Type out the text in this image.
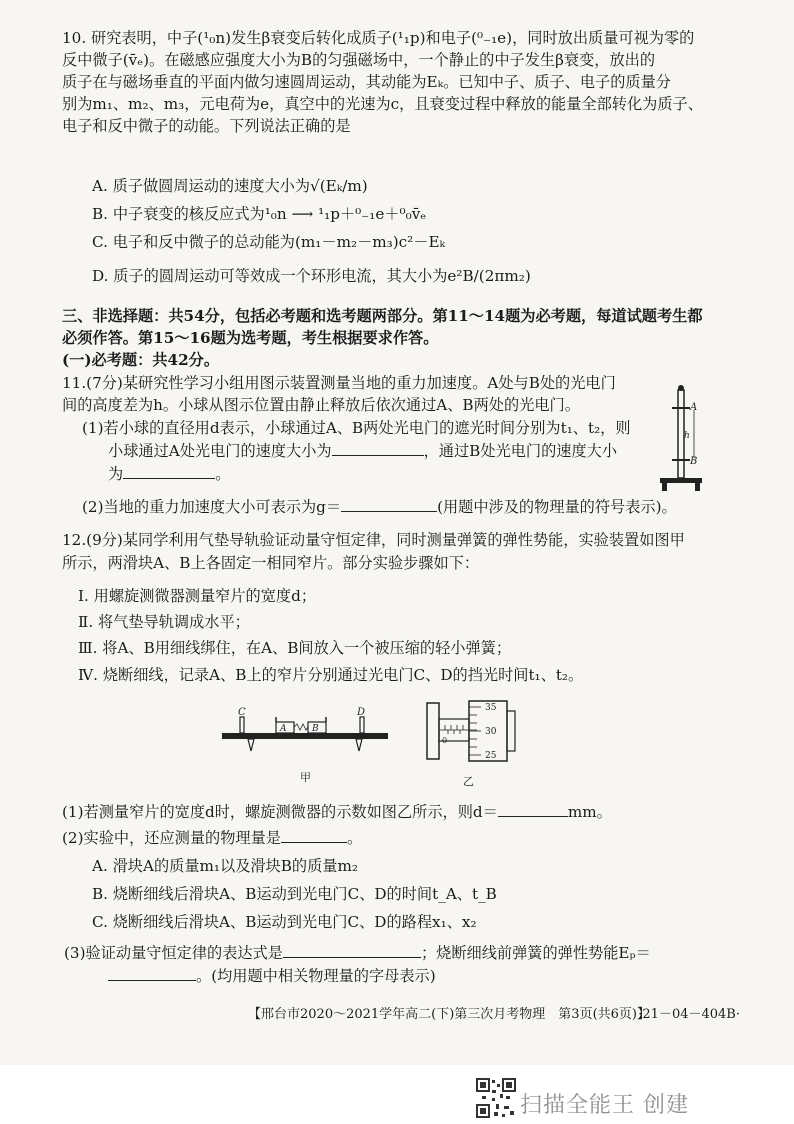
10. 研究表明，中子(¹₀n)发生β衰变后转化成质子(¹₁p)和电子(⁰₋₁e)，同时放出质量可视为零的
反中微子(v̄ₑ)。在磁感应强度大小为B的匀强磁场中，一个静止的中子发生β衰变，放出的
质子在与磁场垂直的平面内做匀速圆周运动，其动能为Eₖ。已知中子、质子、电子的质量分
别为m₁、m₂、m₃，元电荷为e，真空中的光速为c，且衰变过程中释放的能量全部转化为质子、
电子和反中微子的动能。下列说法正确的是
A. 质子做圆周运动的速度大小为√(Eₖ/m)
B. 中子衰变的核反应式为¹₀n ⟶ ¹₁p＋⁰₋₁e＋⁰₀v̄ₑ
C. 电子和反中微子的总动能为(m₁－m₂－m₃)c²－Eₖ
D. 质子的圆周运动可等效成一个环形电流，其大小为e²B/(2πm₂)
三、非选择题：共54分，包括必考题和选考题两部分。第11～14题为必考题，每道试题考生都
必须作答。第15～16题为选考题，考生根据要求作答。
(一)必考题：共42分。
11.(7分)某研究性学习小组用图示装置测量当地的重力加速度。A处与B处的光电门
间的高度差为h。小球从图示位置由静止释放后依次通过A、B两处的光电门。
(1)若小球的直径用d表示，小球通过A、B两处光电门的遮光时间分别为t₁、t₂，则
小球通过A处光电门的速度大小为	，通过B处光电门的速度大小
为	。
(2)当地的重力加速度大小可表示为g＝	(用题中涉及的物理量的符号表示)。
A
B
h
12.(9分)某同学利用气垫导轨验证动量守恒定律，同时测量弹簧的弹性势能，实验装置如图甲
所示，两滑块A、B上各固定一相同窄片。部分实验步骤如下：
Ⅰ. 用螺旋测微器测量窄片的宽度d；
Ⅱ. 将气垫导轨调成水平；
Ⅲ. 将A、B用细线绑住，在A、B间放入一个被压缩的轻小弹簧；
Ⅳ. 烧断细线，记录A、B上的窄片分别通过光电门C、D的挡光时间t₁、t₂。
C	D
A	B
甲
0
35
30
25
乙
(1)若测量窄片的宽度d时，螺旋测微器的示数如图乙所示，则d＝	mm。
(2)实验中，还应测量的物理量是	。
A. 滑块A的质量m₁以及滑块B的质量m₂
B. 烧断细线后滑块A、B运动到光电门C、D的时间t_A、t_B
C. 烧断细线后滑块A、B运动到光电门C、D的路程x₁、x₂
(3)验证动量守恒定律的表达式是	；烧断细线前弹簧的弹性势能Eₚ＝
。(均用题中相关物理量的字母表示)
【邢台市2020～2021学年高二(下)第三次月考物理　第3页(共6页)】
·21－04－404B·
扫描全能王 创建
